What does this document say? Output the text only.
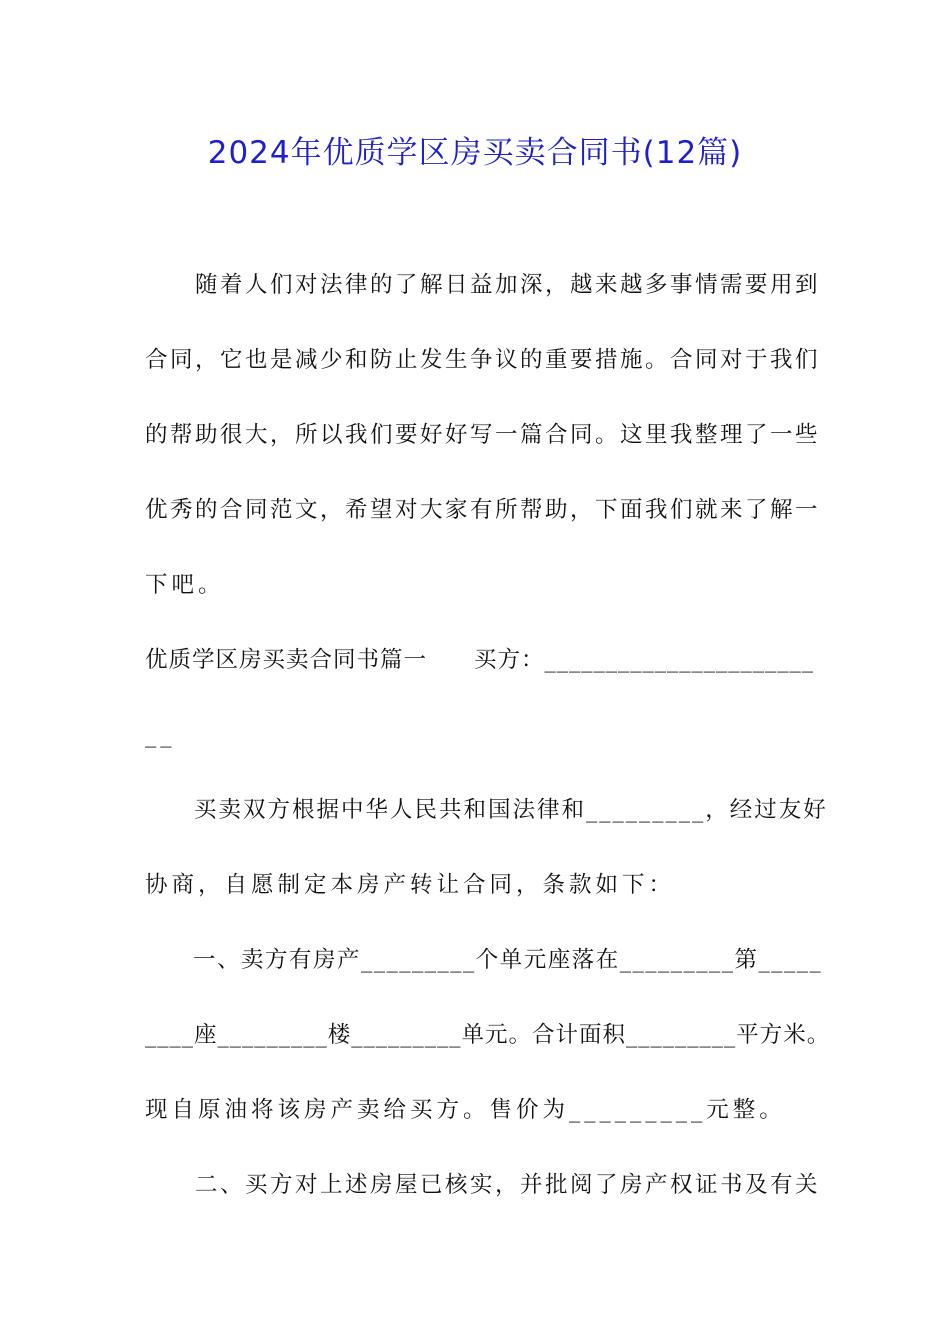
2024年优质学区房买卖合同书(12篇)
　　随着人们对法律的了解日益加深，越来越多事情需要用到
合同，它也是减少和防止发生争议的重要措施。合同对于我们
的帮助很大，所以我们要好好写一篇合同。这里我整理了一些
优秀的合同范文，希望对大家有所帮助，下面我们就来了解一
下吧。
优质学区房买卖合同书篇一　　买方：______________________
__
　　买卖双方根据中华人民共和国法律和_________，经过友好
协商，自愿制定本房产转让合同，条款如下：
　　一、卖方有房产_________个单元座落在_________第_____
____座_________楼_________单元。合计面积_________平方米。
现自原油将该房产卖给买方。售价为_________元整。
　　二、买方对上述房屋已核实，并批阅了房产权证书及有关
